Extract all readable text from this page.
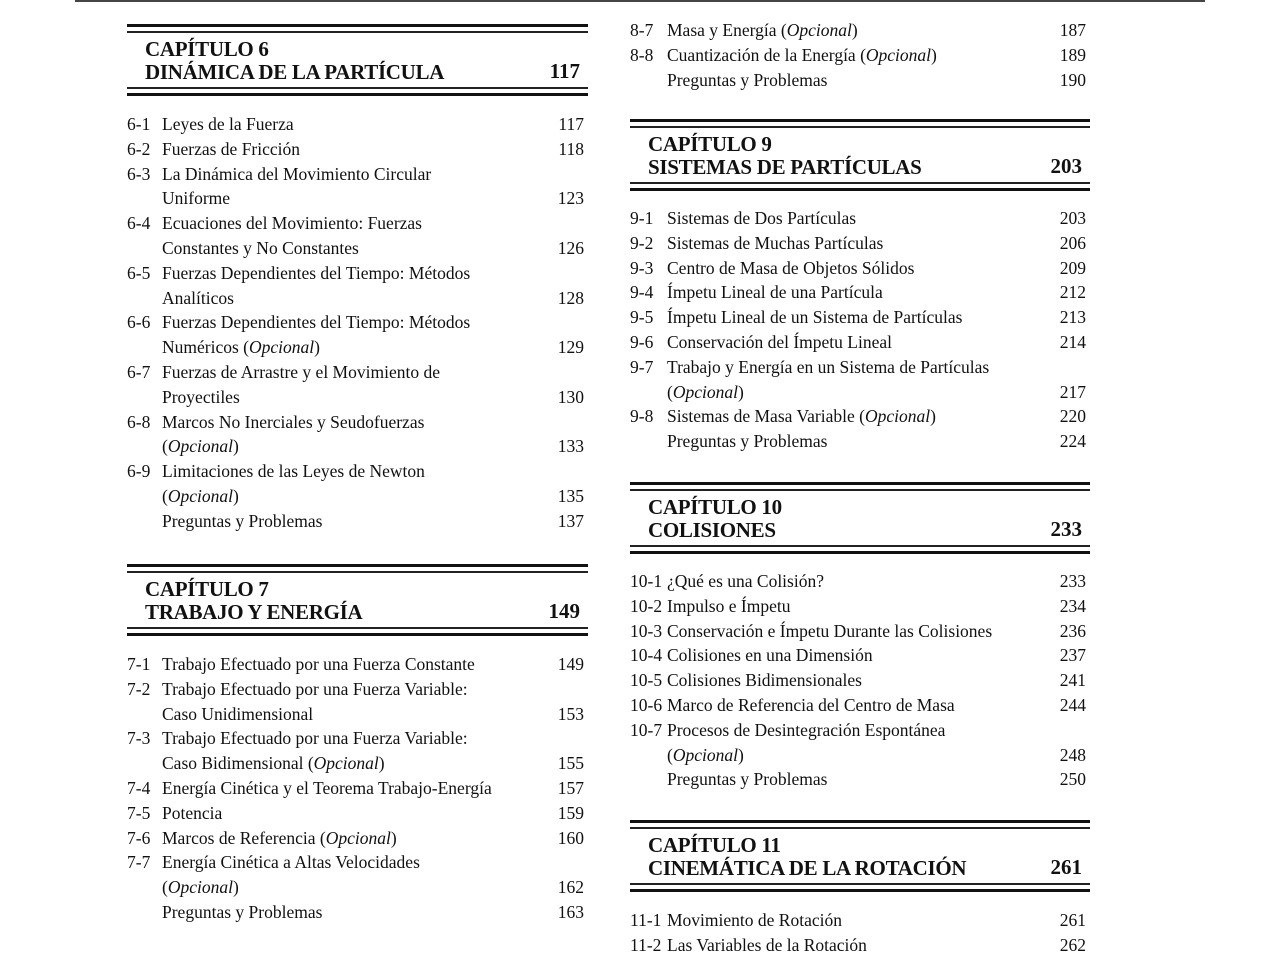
CAPÍTULO 6
DINÁMICA DE LA PARTÍCULA	117
6-1 Leyes de la Fuerza	117
6-2 Fuerzas de Fricción	118
6-3 La Dinámica del Movimiento Circular
Uniforme	123
6-4 Ecuaciones del Movimiento: Fuerzas
Constantes y No Constantes	126
6-5 Fuerzas Dependientes del Tiempo: Métodos
Analíticos	128
6-6 Fuerzas Dependientes del Tiempo: Métodos
Numéricos (Opcional)	129
6-7 Fuerzas de Arrastre y el Movimiento de
Proyectiles	130
6-8 Marcos No Inerciales y Seudofuerzas
(Opcional)	133
6-9 Limitaciones de las Leyes de Newton
(Opcional)	135
Preguntas y Problemas	137
CAPÍTULO 7
TRABAJO Y ENERGÍA	149
7-1 Trabajo Efectuado por una Fuerza Constante	149
7-2 Trabajo Efectuado por una Fuerza Variable:
Caso Unidimensional	153
7-3 Trabajo Efectuado por una Fuerza Variable:
Caso Bidimensional (Opcional)	155
7-4 Energía Cinética y el Teorema Trabajo-Energía	157
7-5 Potencia	159
7-6 Marcos de Referencia (Opcional)	160
7-7 Energía Cinética a Altas Velocidades
(Opcional)	162
Preguntas y Problemas	163
8-7 Masa y Energía (Opcional)	187
8-8 Cuantización de la Energía (Opcional)	189
Preguntas y Problemas	190
CAPÍTULO 9
SISTEMAS DE PARTÍCULAS	203
9-1 Sistemas de Dos Partículas	203
9-2 Sistemas de Muchas Partículas	206
9-3 Centro de Masa de Objetos Sólidos	209
9-4 Ímpetu Lineal de una Partícula	212
9-5 Ímpetu Lineal de un Sistema de Partículas	213
9-6 Conservación del Ímpetu Lineal	214
9-7 Trabajo y Energía en un Sistema de Partículas
(Opcional)	217
9-8 Sistemas de Masa Variable (Opcional)	220
Preguntas y Problemas	224
CAPÍTULO 10
COLISIONES	233
10-1 ¿Qué es una Colisión?	233
10-2 Impulso e Ímpetu	234
10-3 Conservación e Ímpetu Durante las Colisiones	236
10-4 Colisiones en una Dimensión	237
10-5 Colisiones Bidimensionales	241
10-6 Marco de Referencia del Centro de Masa	244
10-7 Procesos de Desintegración Espontánea
(Opcional)	248
Preguntas y Problemas	250
CAPÍTULO 11
CINEMÁTICA DE LA ROTACIÓN	261
11-1 Movimiento de Rotación	261
11-2 Las Variables de la Rotación	262
